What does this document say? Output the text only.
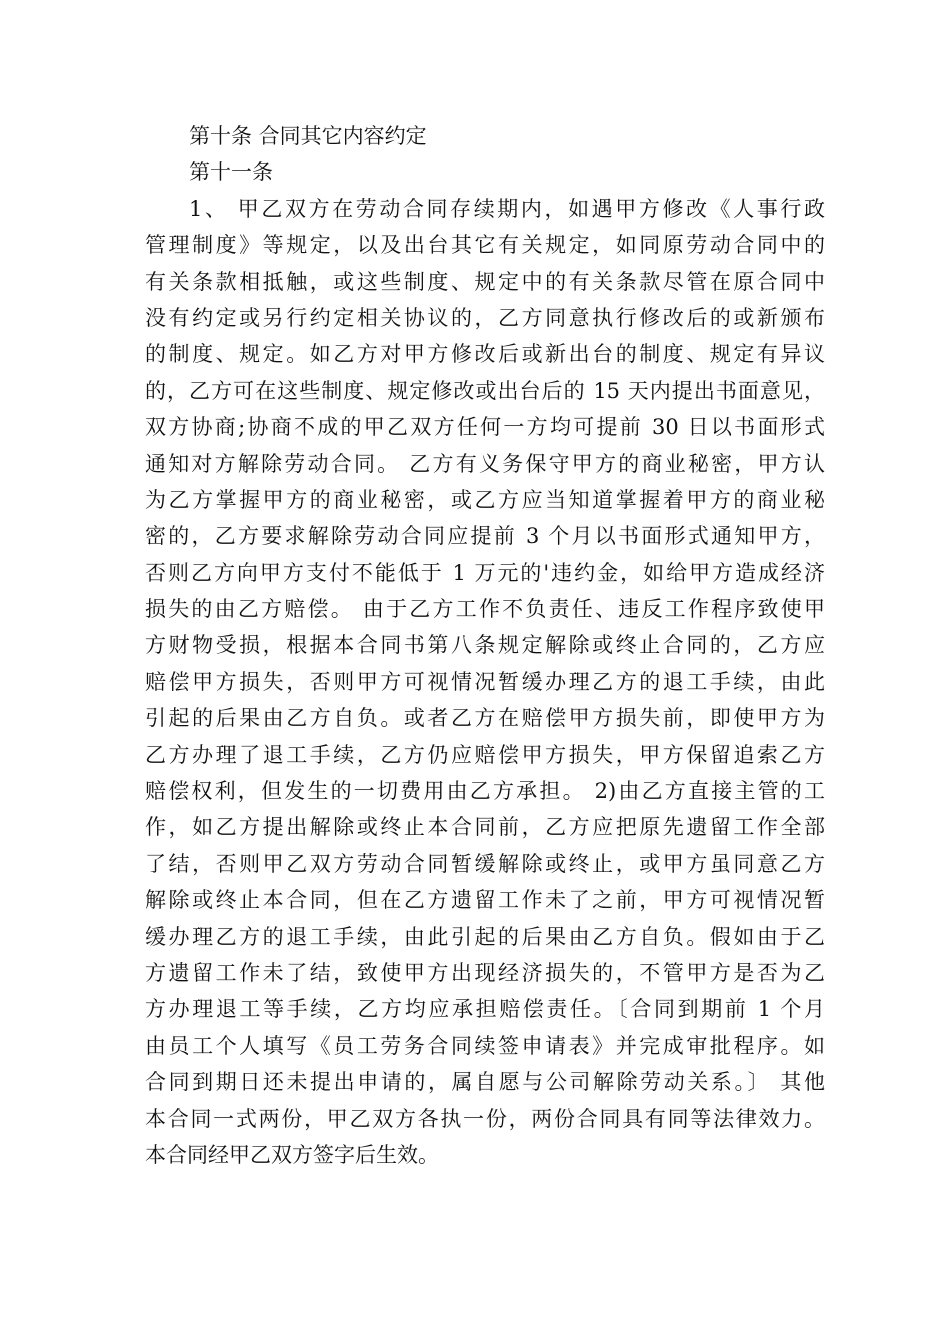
第十条 合同其它内容约定
第十一条
1、 甲乙双方在劳动合同存续期内，如遇甲方修改《人事行政
管理制度》等规定，以及出台其它有关规定，如同原劳动合同中的
有关条款相抵触，或这些制度、规定中的有关条款尽管在原合同中
没有约定或另行约定相关协议的，乙方同意执行修改后的或新颁布
的制度、规定。如乙方对甲方修改后或新出台的制度、规定有异议
的，乙方可在这些制度、规定修改或出台后的 15 天内提出书面意见，
双方协商;协商不成的甲乙双方任何一方均可提前 30 日以书面形式
通知对方解除劳动合同。 乙方有义务保守甲方的商业秘密，甲方认
为乙方掌握甲方的商业秘密，或乙方应当知道掌握着甲方的商业秘
密的，乙方要求解除劳动合同应提前 3 个月以书面形式通知甲方，
否则乙方向甲方支付不能低于 1 万元的'违约金，如给甲方造成经济
损失的由乙方赔偿。 由于乙方工作不负责任、违反工作程序致使甲
方财物受损，根据本合同书第八条规定解除或终止合同的，乙方应
赔偿甲方损失，否则甲方可视情况暂缓办理乙方的退工手续，由此
引起的后果由乙方自负。或者乙方在赔偿甲方损失前，即使甲方为
乙方办理了退工手续，乙方仍应赔偿甲方损失，甲方保留追索乙方
赔偿权利，但发生的一切费用由乙方承担。 2)由乙方直接主管的工
作，如乙方提出解除或终止本合同前，乙方应把原先遗留工作全部
了结，否则甲乙双方劳动合同暂缓解除或终止，或甲方虽同意乙方
解除或终止本合同，但在乙方遗留工作未了之前，甲方可视情况暂
缓办理乙方的退工手续，由此引起的后果由乙方自负。假如由于乙
方遗留工作未了结，致使甲方出现经济损失的，不管甲方是否为乙
方办理退工等手续，乙方均应承担赔偿责任。〔合同到期前 1 个月
由员工个人填写《员工劳务合同续签申请表》并完成审批程序。如
合同到期日还未提出申请的，属自愿与公司解除劳动关系。〕 其他
本合同一式两份，甲乙双方各执一份，两份合同具有同等法律效力。
本合同经甲乙双方签字后生效。
